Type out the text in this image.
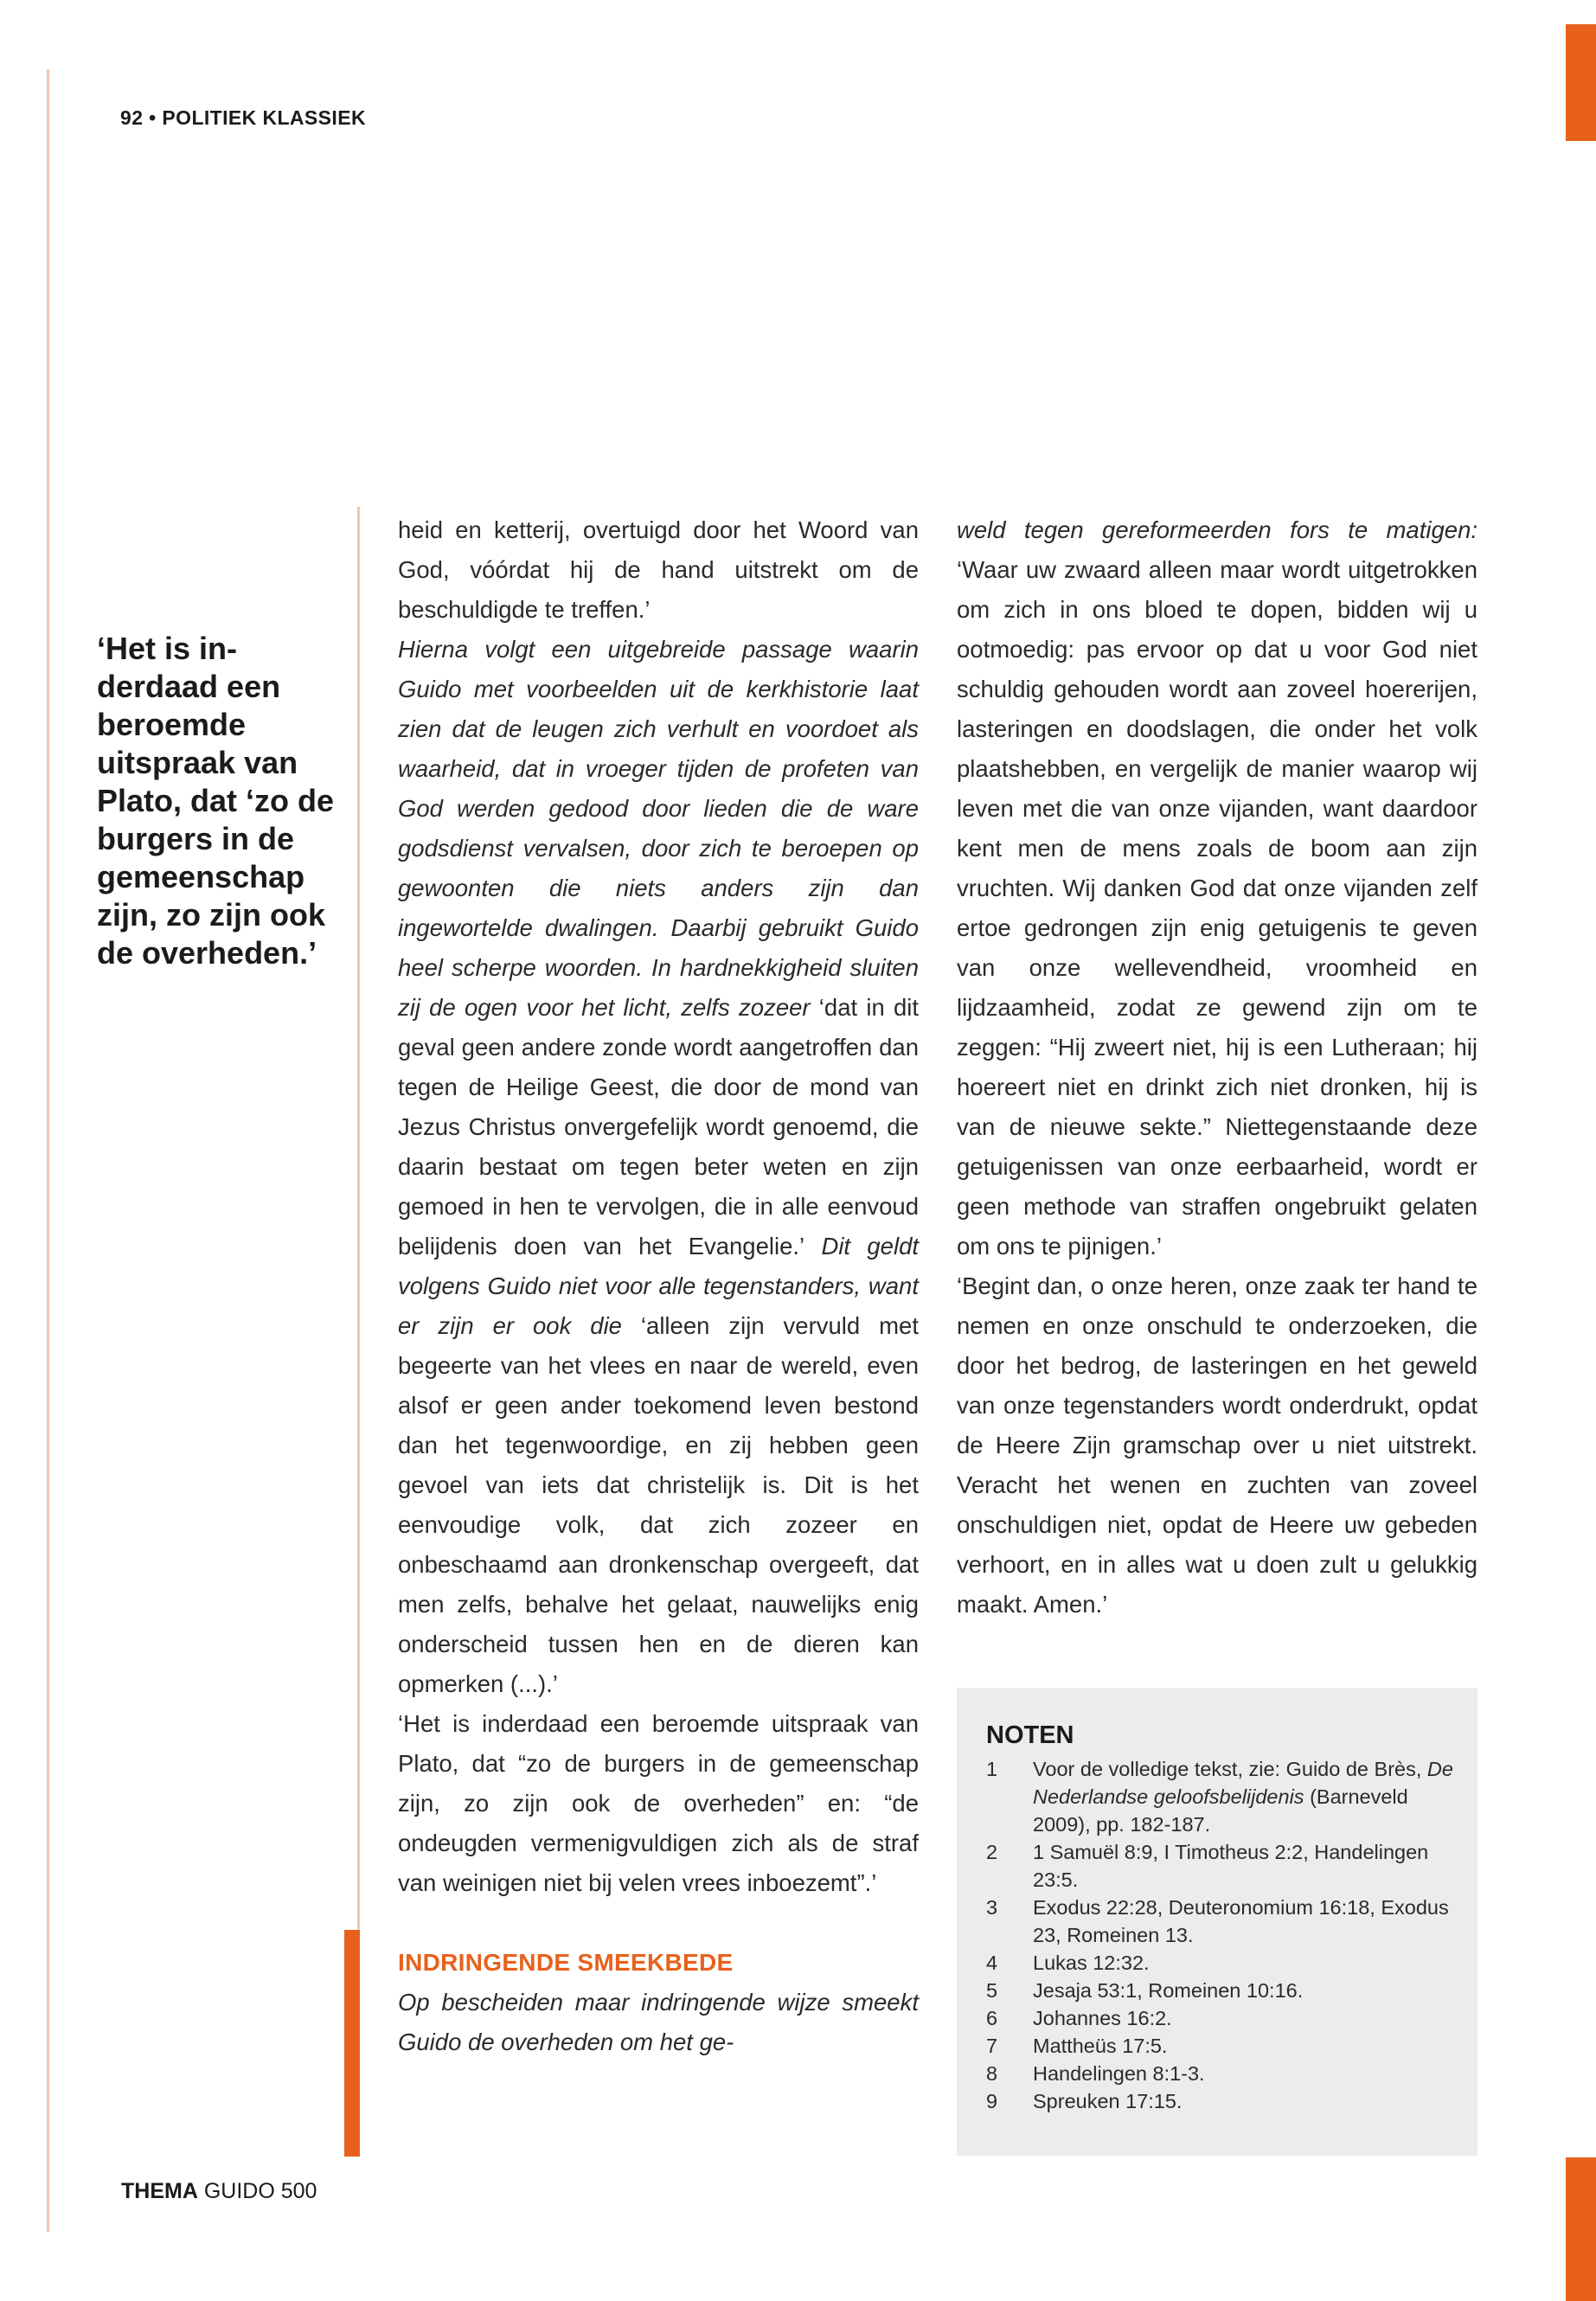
92 • POLITIEK KLASSIEK
‘Het is in-derdaad een beroemde uitspraak van Plato, dat ‘zo de burgers in de gemeenschap zijn, zo zijn ook de overheden.’

heid en ketterij, overtuigd door het Woord van God, vóórdat hij de hand uitstrekt om de beschuldigde te treffen.’

Hierna volgt een uitgebreide passage waarin Guido met voorbeelden uit de kerkhistorie laat zien dat de leugen zich verhult en voordoet als waarheid, dat in vroeger tijden de profeten van God werden gedood door lieden die de ware godsdienst vervalsen, door zich te beroepen op gewoonten die niets anders zijn dan ingewortelde dwalingen. Daarbij gebruikt Guido heel scherpe woorden. In hardnekkigheid sluiten zij de ogen voor het licht, zelfs zozeer ‘dat in dit geval geen andere zonde wordt aangetroffen dan tegen de Heilige Geest, die door de mond van Jezus Christus onvergefelijk wordt genoemd, die daarin bestaat om tegen beter weten en zijn gemoed in hen te vervolgen, die in alle eenvoud belijdenis doen van het Evangelie.’ Dit geldt volgens Guido niet voor alle tegenstanders, want er zijn er ook die ‘alleen zijn vervuld met begeerte van het vlees en naar de wereld, even alsof er geen ander toekomend leven bestond dan het tegenwoordige, en zij hebben geen gevoel van iets dat christelijk is. Dit is het eenvoudige volk, dat zich zozeer en onbeschaamd aan dronkenschap overgeeft, dat men zelfs, behalve het gelaat, nauwelijks enig onderscheid tussen hen en de dieren kan opmerken (...).’

‘Het is inderdaad een beroemde uitspraak van Plato, dat “zo de burgers in de gemeenschap zijn, zo zijn ook de overheden” en: “de ondeugden vermenigvuldigen zich als de straf van weinigen niet bij velen vrees inboezemt”.’

INDRINGENDE SMEEKBEDE

Op bescheiden maar indringende wijze smeekt Guido de overheden om het ge-

weld tegen gereformeerden fors te matigen: ‘Waar uw zwaard alleen maar wordt uitgetrokken om zich in ons bloed te dopen, bidden wij u ootmoedig: pas ervoor op dat u voor God niet schuldig gehouden wordt aan zoveel hoererijen, lasteringen en doodslagen, die onder het volk plaatshebben, en vergelijk de manier waarop wij leven met die van onze vijanden, want daardoor kent men de mens zoals de boom aan zijn vruchten. Wij danken God dat onze vijanden zelf ertoe gedrongen zijn enig getuigenis te geven van onze wellevendheid, vroomheid en lijdzaamheid, zodat ze gewend zijn om te zeggen: “Hij zweert niet, hij is een Lutheraan; hij hoereert niet en drinkt zich niet dronken, hij is van de nieuwe sekte.” Niettegenstaande deze getuigenissen van onze eerbaarheid, wordt er geen methode van straffen ongebruikt gelaten om ons te pijnigen.’

‘Begint dan, o onze heren, onze zaak ter hand te nemen en onze onschuld te onderzoeken, die door het bedrog, de lasteringen en het geweld van onze tegenstanders wordt onderdrukt, opdat de Heere Zijn gramschap over u niet uitstrekt. Veracht het wenen en zuchten van zoveel onschuldigen niet, opdat de Heere uw gebeden verhoort, en in alles wat u doen zult u gelukkig maakt. Amen.’

NOTEN
1	Voor de volledige tekst, zie: Guido de Brès, De Nederlandse geloofsbelijdenis (Barneveld 2009), pp. 182-187.
2	1 Samuël 8:9, I Timotheus 2:2, Handelingen 23:5.
3	Exodus 22:28, Deuteronomium 16:18, Exodus 23, Romeinen 13.
4	Lukas 12:32.
5	Jesaja 53:1, Romeinen 10:16.
6	Johannes 16:2.
7	Mattheüs 17:5.
8	Handelingen 8:1-3.
9	Spreuken 17:15.
THEMA GUIDO 500
